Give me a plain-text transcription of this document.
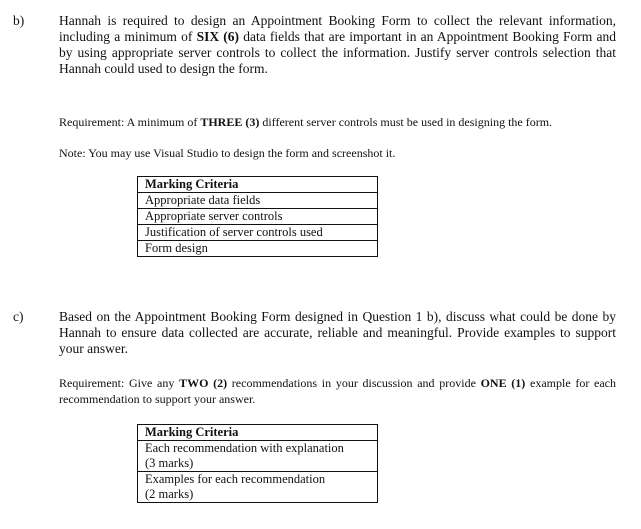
b)	Hannah is required to design an Appointment Booking Form to collect the relevant information, including a minimum of SIX (6) data fields that are important in an Appointment Booking Form and by using appropriate server controls to collect the information. Justify server controls selection that Hannah could used to design the form.

Requirement: A minimum of THREE (3) different server controls must be used in designing the form.

Note: You may use Visual Studio to design the form and screenshot it.

Marking Criteria
Appropriate data fields
Appropriate server controls
Justification of server controls used
Form design
c)	Based on the Appointment Booking Form designed in Question 1 b), discuss what could be done by Hannah to ensure data collected are accurate, reliable and meaningful. Provide examples to support your answer.

Requirement: Give any TWO (2) recommendations in your discussion and provide ONE (1) example for each recommendation to support your answer.

Marking Criteria

Each recommendation with explanation
(3 marks)

Examples for each recommendation
(2 marks)
